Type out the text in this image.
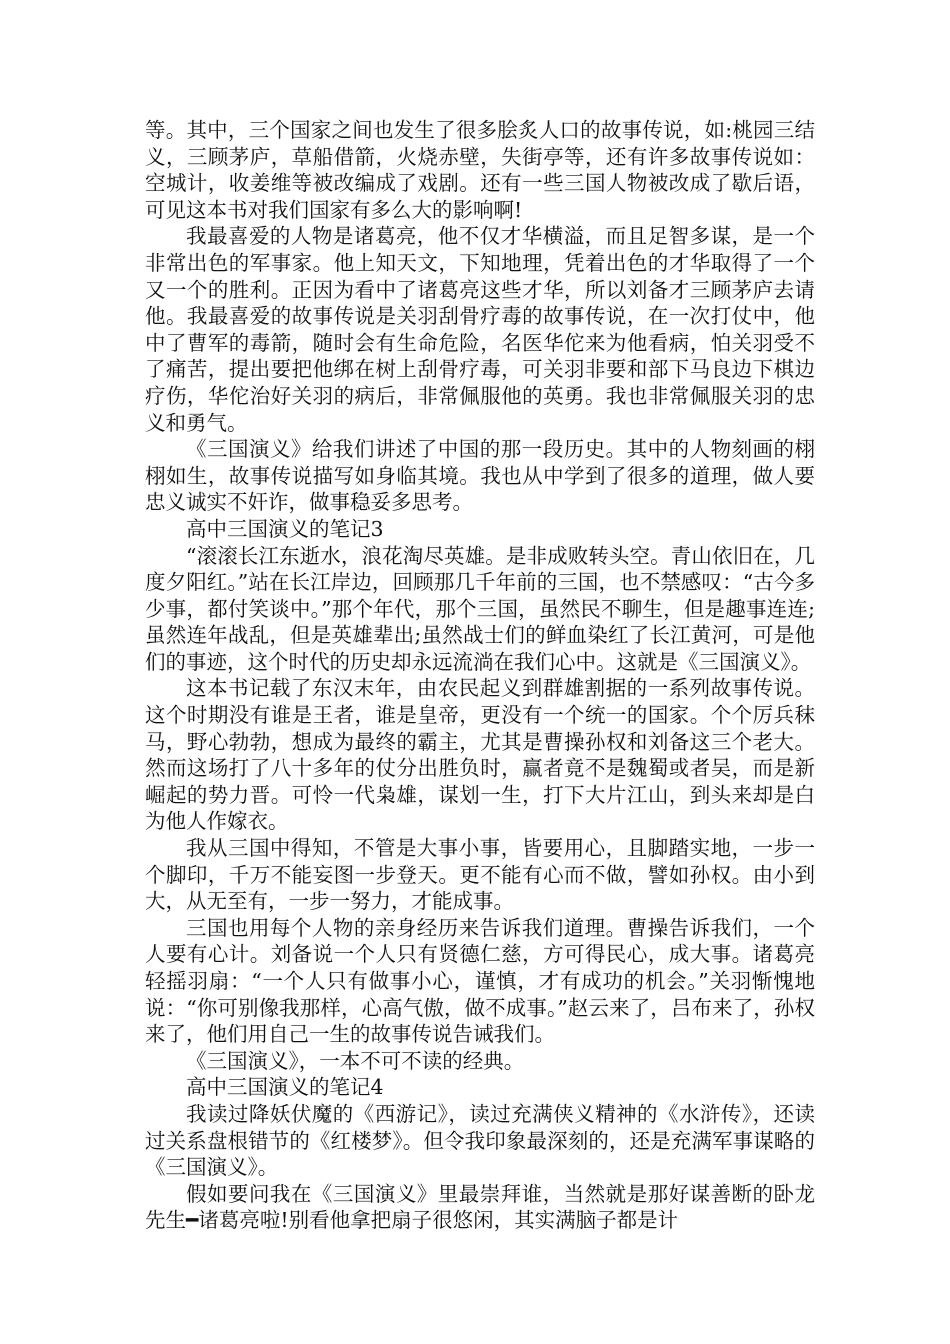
等。其中，三个国家之间也发生了很多脍炙人口的故事传说，如:桃园三结义，三顾茅庐，草船借箭，火烧赤壁，失街亭等，还有许多故事传说如：空城计，收姜维等被改编成了戏剧。还有一些三国人物被改成了歇后语，可见这本书对我们国家有多么大的影响啊!

我最喜爱的人物是诸葛亮，他不仅才华横溢，而且足智多谋，是一个非常出色的军事家。他上知天文，下知地理，凭着出色的才华取得了一个又一个的胜利。正因为看中了诸葛亮这些才华，所以刘备才三顾茅庐去请他。我最喜爱的故事传说是关羽刮骨疗毒的故事传说，在一次打仗中，他中了曹军的毒箭，随时会有生命危险，名医华佗来为他看病，怕关羽受不了痛苦，提出要把他绑在树上刮骨疗毒，可关羽非要和部下马良边下棋边疗伤，华佗治好关羽的病后，非常佩服他的英勇。我也非常佩服关羽的忠义和勇气。

《三国演义》给我们讲述了中国的那一段历史。其中的人物刻画的栩栩如生，故事传说描写如身临其境。我也从中学到了很多的道理，做人要忠义诚实不奸诈，做事稳妥多思考。

高中三国演义的笔记3

“滚滚长江东逝水，浪花淘尽英雄。是非成败转头空。青山依旧在，几度夕阳红。”站在长江岸边，回顾那几千年前的三国，也不禁感叹：“古今多少事，都付笑谈中。”那个年代，那个三国，虽然民不聊生，但是趣事连连;虽然连年战乱，但是英雄辈出;虽然战士们的鲜血染红了长江黄河，可是他们的事迹，这个时代的历史却永远流淌在我们心中。这就是《三国演义》。

这本书记载了东汉末年，由农民起义到群雄割据的一系列故事传说。这个时期没有谁是王者，谁是皇帝，更没有一个统一的国家。个个厉兵秣马，野心勃勃，想成为最终的霸主，尤其是曹操孙权和刘备这三个老大。然而这场打了八十多年的仗分出胜负时，赢者竟不是魏蜀或者吴，而是新崛起的势力晋。可怜一代枭雄，谋划一生，打下大片江山，到头来却是白为他人作嫁衣。

我从三国中得知，不管是大事小事，皆要用心，且脚踏实地，一步一个脚印，千万不能妄图一步登天。更不能有心而不做，譬如孙权。由小到大，从无至有，一步一努力，才能成事。

三国也用每个人物的亲身经历来告诉我们道理。曹操告诉我们，一个人要有心计。刘备说一个人只有贤德仁慈，方可得民心，成大事。诸葛亮轻摇羽扇：“一个人只有做事小心，谨慎，才有成功的机会。”关羽惭愧地说：“你可别像我那样，心高气傲，做不成事。”赵云来了，吕布来了，孙权来了，他们用自己一生的故事传说告诫我们。

《三国演义》，一本不可不读的经典。

高中三国演义的笔记4

我读过降妖伏魔的《西游记》，读过充满侠义精神的《水浒传》，还读过关系盘根错节的《红楼梦》。但令我印象最深刻的，还是充满军事谋略的《三国演义》。

假如要问我在《三国演义》里最崇拜谁，当然就是那好谋善断的卧龙先生━诸葛亮啦!别看他拿把扇子很悠闲，其实满脑子都是计
